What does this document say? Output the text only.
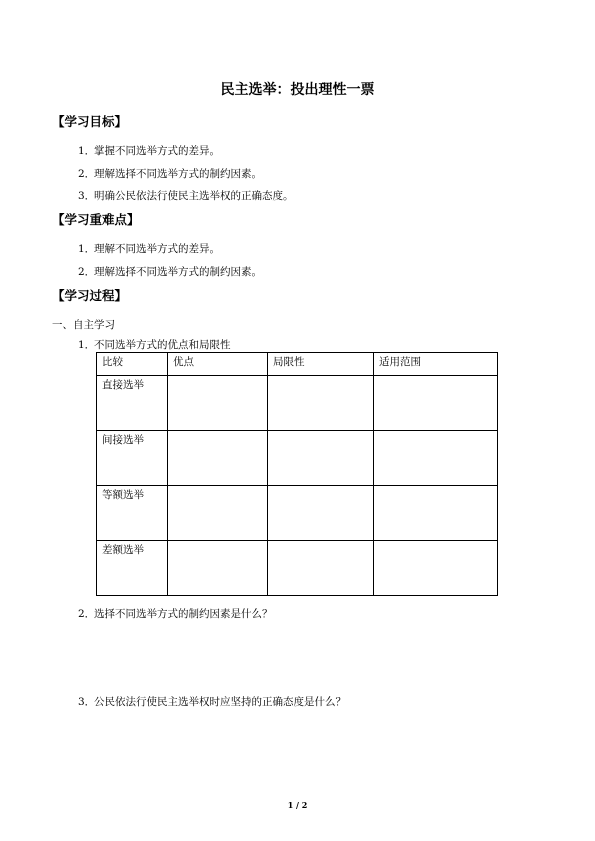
民主选举：投出理性一票
【学习目标】
1．掌握不同选举方式的差异。
2．理解选择不同选举方式的制约因素。
3．明确公民依法行使民主选举权的正确态度。
【学习重难点】
1．理解不同选举方式的差异。
2．理解选择不同选举方式的制约因素。
【学习过程】
一、自主学习
1．不同选举方式的优点和局限性
比较	优点	局限性	适用范围
直接选举			
间接选举			
等额选举			
差额选举			
2．选择不同选举方式的制约因素是什么？
3．公民依法行使民主选举权时应坚持的正确态度是什么？
1 / 2
